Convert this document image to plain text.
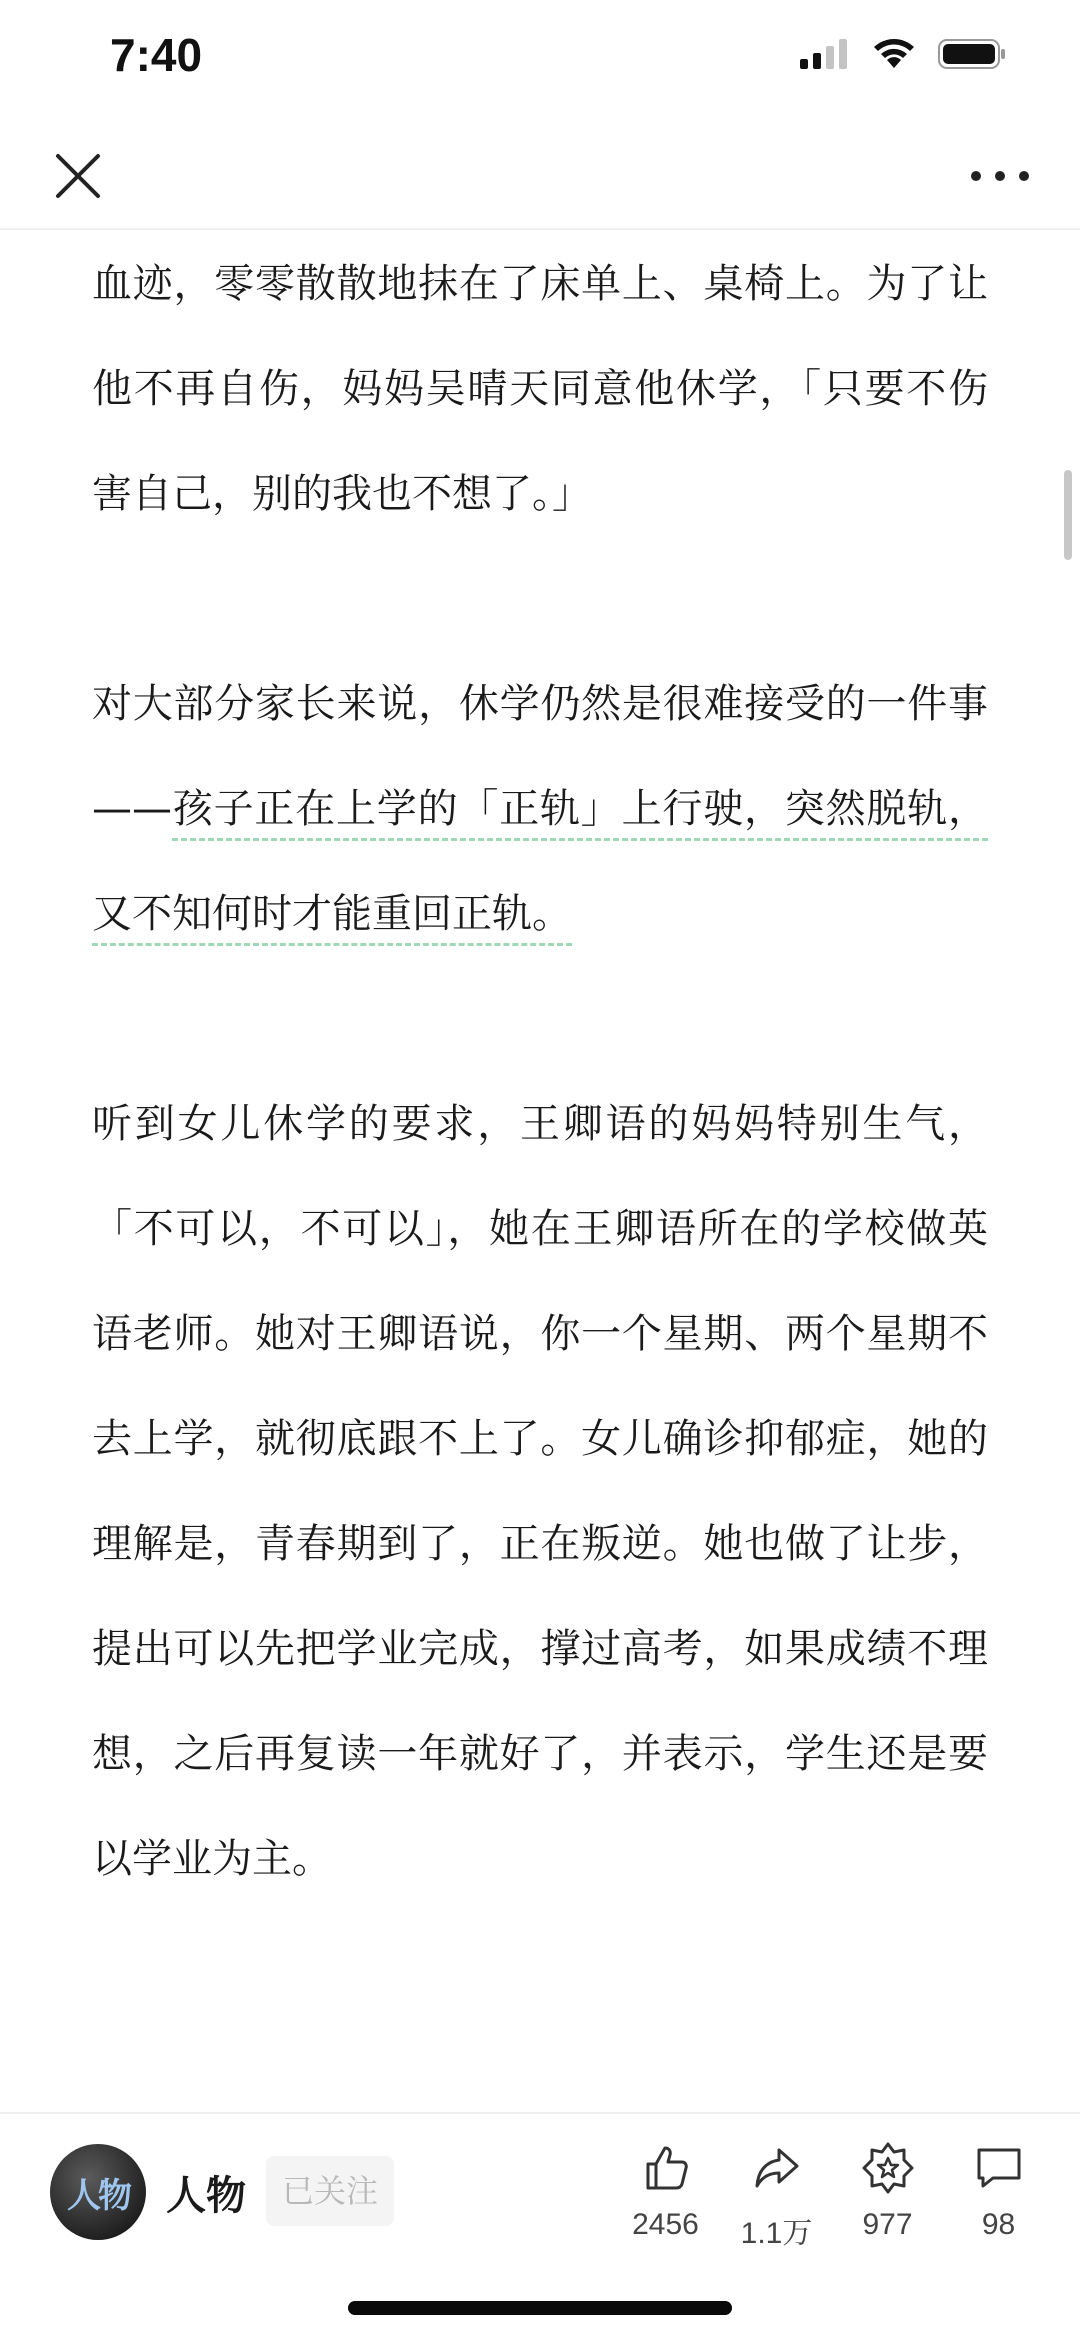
7:40

血迹，零零散散地抹在了床单上、桌椅上。为了让他不再自伤，妈妈吴晴天同意他休学，「只要不伤害自己，别的我也不想了。」

对大部分家长来说，休学仍然是很难接受的一件事——孩子正在上学的「正轨」上行驶，突然脱轨，又不知何时才能重回正轨。

听到女儿休学的要求，王卿语的妈妈特别生气，「不可以，不可以」，她在王卿语所在的学校做英语老师。她对王卿语说，你一个星期、两个星期不去上学，就彻底跟不上了。女儿确诊抑郁症，她的理解是，青春期到了，正在叛逆。她也做了让步，提出可以先把学业完成，撑过高考，如果成绩不理想，之后再复读一年就好了，并表示，学生还是要以学业为主。

人物 人物	已关注
2456 1.1万 977 98
